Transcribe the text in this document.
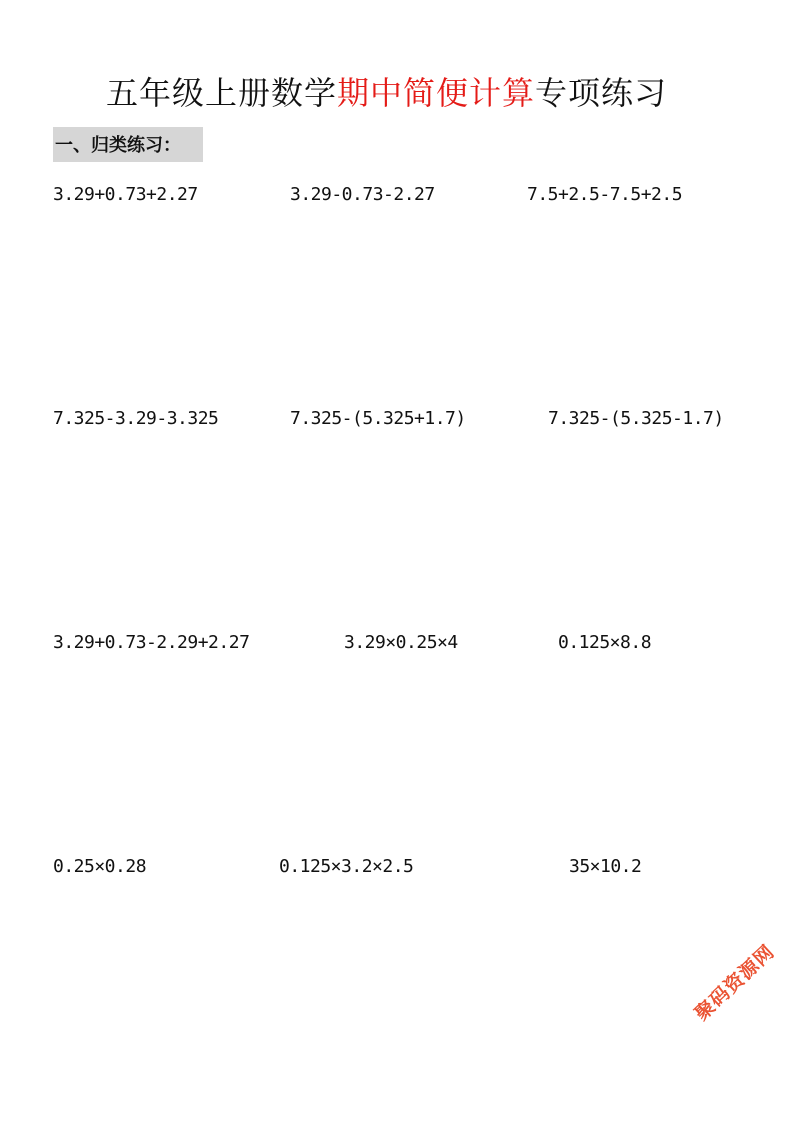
五年级上册数学期中简便计算专项练习
一、归类练习：
3.29+0.73+2.27	3.29-0.73-2.27	7.5+2.5-7.5+2.5
7.325-3.29-3.325	7.325-(5.325+1.7)	7.325-(5.325-1.7)
3.29+0.73-2.29+2.27	3.29×0.25×4	0.125×8.8
0.25×0.28	0.125×3.2×2.5	35×10.2
聚码资源网
